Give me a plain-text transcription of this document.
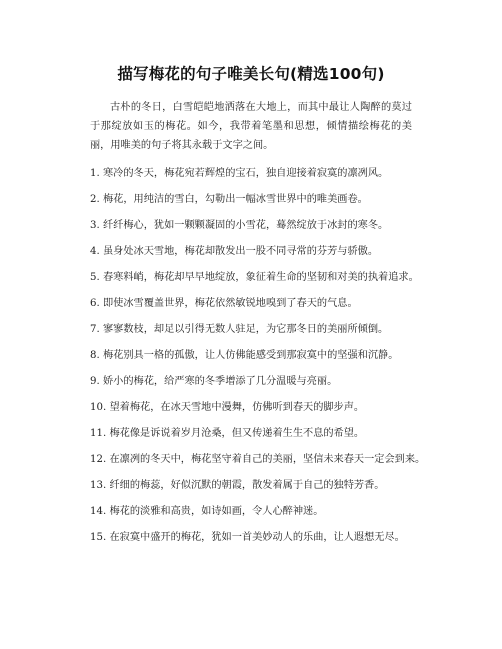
描写梅花的句子唯美长句(精选100句)

古朴的冬日，白雪皑皑地洒落在大地上，而其中最让人陶醉的莫过于那绽放如玉的梅花。如今，我带着笔墨和思想，倾情描绘梅花的美丽，用唯美的句子将其永载于文字之间。

1. 寒冷的冬天，梅花宛若辉煌的宝石，独自迎接着寂寞的凛冽风。
2. 梅花，用纯洁的雪白，勾勒出一幅冰雪世界中的唯美画卷。
3. 纤纤梅心，犹如一颗颗凝固的小雪花，蓦然绽放于冰封的寒冬。
4. 虽身处冰天雪地，梅花却散发出一股不同寻常的芬芳与骄傲。
5. 春寒料峭，梅花却早早地绽放，象征着生命的坚韧和对美的执着追求。
6. 即使冰雪覆盖世界，梅花依然敏锐地嗅到了春天的气息。
7. 寥寥数枝，却足以引得无数人驻足，为它那冬日的美丽所倾倒。
8. 梅花别具一格的孤傲，让人仿佛能感受到那寂寞中的坚强和沉静。
9. 娇小的梅花，给严寒的冬季增添了几分温暖与亮丽。
10. 望着梅花，在冰天雪地中漫舞，仿佛听到春天的脚步声。
11. 梅花像是诉说着岁月沧桑，但又传递着生生不息的希望。
12. 在凛冽的冬天中，梅花坚守着自己的美丽，坚信未来春天一定会到来。
13. 纤细的梅蕊，好似沉默的朝霞，散发着属于自己的独特芳香。
14. 梅花的淡雅和高贵，如诗如画，令人心醉神迷。
15. 在寂寞中盛开的梅花，犹如一首美妙动人的乐曲，让人遐想无尽。
